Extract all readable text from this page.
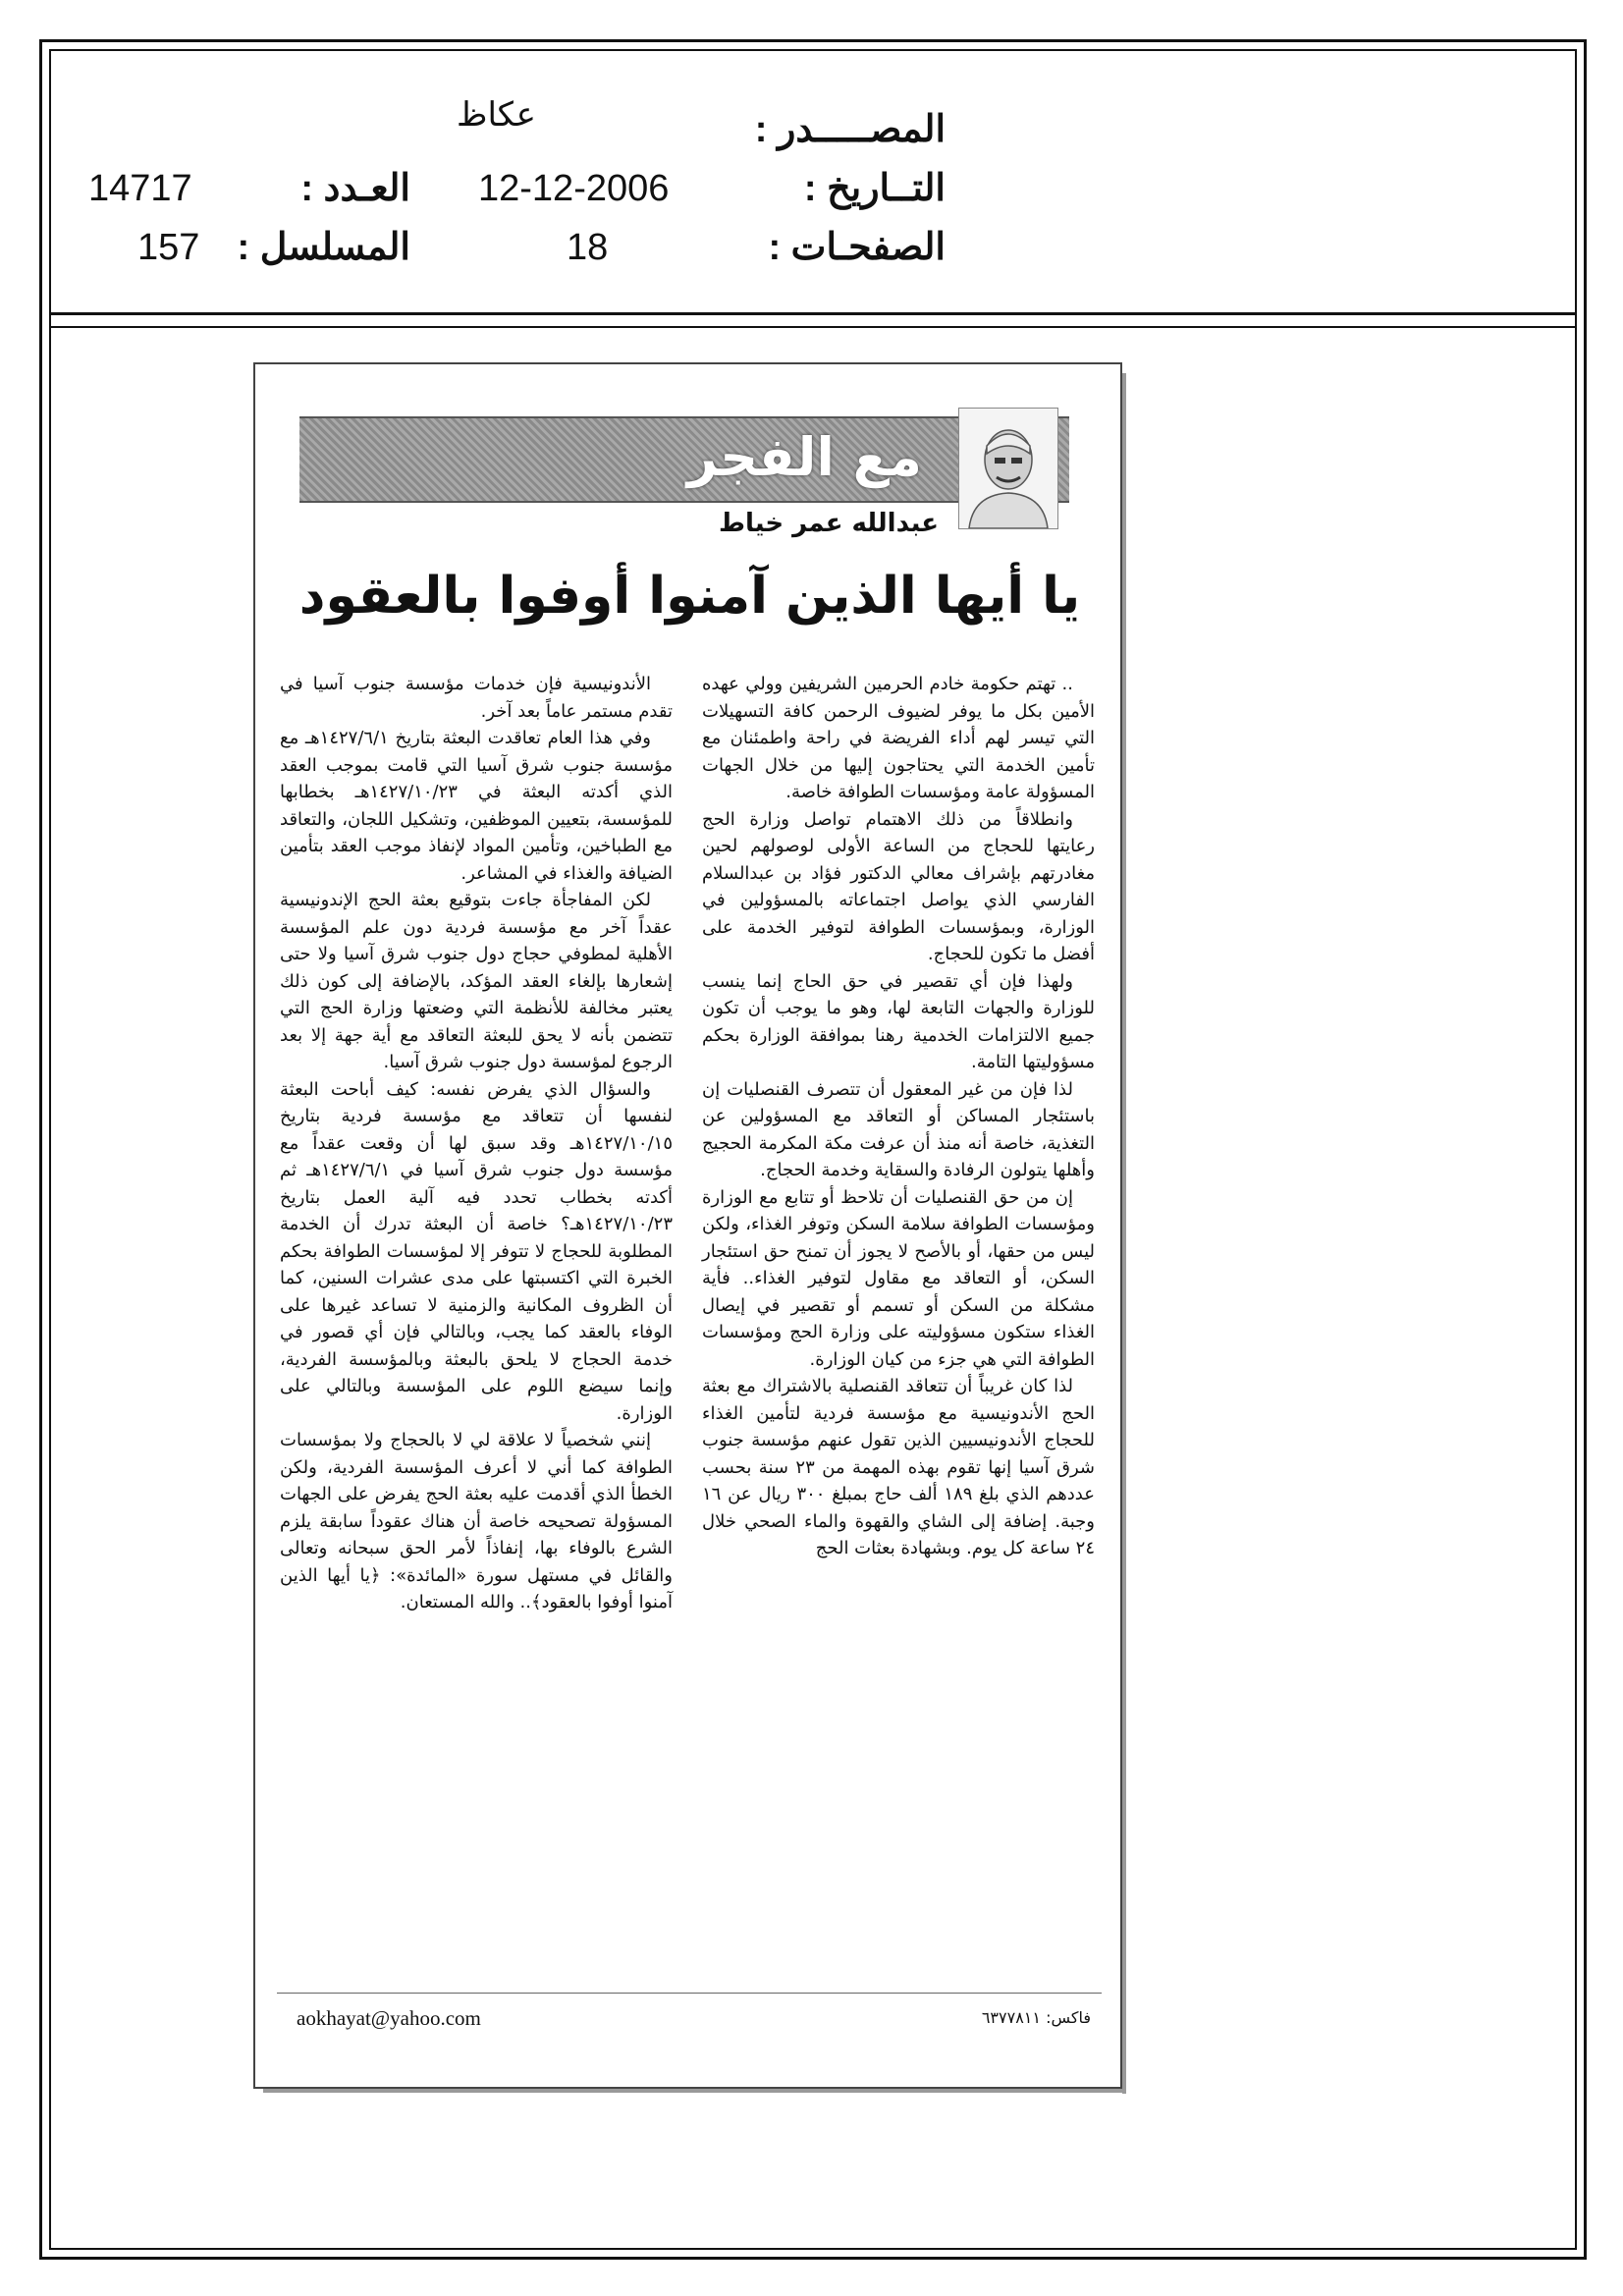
عكاظ	المصـــــدر :
14717	العـدد : 12-12-2006	التــاريخ :
157 المسلسل :	18	الصفحـات :
مع الفجر
عبدالله عمر خياط
يا أيها الذين آمنوا أوفوا بالعقود

.. تهتم حكومة خادم الحرمين الشريفين وولي عهده الأمين بكل ما يوفر لضيوف الرحمن كافة التسهيلات التي تيسر لهم أداء الفريضة في راحة واطمئنان مع تأمين الخدمة التي يحتاجون إليها من خلال الجهات المسؤولة عامة ومؤسسات الطوافة خاصة.

وانطلاقاً من ذلك الاهتمام تواصل وزارة الحج رعايتها للحجاج من الساعة الأولى لوصولهم لحين مغادرتهم بإشراف معالي الدكتور فؤاد بن عبدالسلام الفارسي الذي يواصل اجتماعاته بالمسؤولين في الوزارة، وبمؤسسات الطوافة لتوفير الخدمة على أفضل ما تكون للحجاج.

ولهذا فإن أي تقصير في حق الحاج إنما ينسب للوزارة والجهات التابعة لها، وهو ما يوجب أن تكون جميع الالتزامات الخدمية رهنا بموافقة الوزارة بحكم مسؤوليتها التامة.

لذا فإن من غير المعقول أن تتصرف القنصليات إن باستئجار المساكن أو التعاقد مع المسؤولين عن التغذية، خاصة أنه منذ أن عرفت مكة المكرمة الحجيج وأهلها يتولون الرفادة والسقاية وخدمة الحجاج.

إن من حق القنصليات أن تلاحظ أو تتابع مع الوزارة ومؤسسات الطوافة سلامة السكن وتوفر الغذاء، ولكن ليس من حقها، أو بالأصح لا يجوز أن تمنح حق استئجار السكن، أو التعاقد مع مقاول لتوفير الغذاء.. فأية مشكلة من السكن أو تسمم أو تقصير في إيصال الغذاء ستكون مسؤوليته على وزارة الحج ومؤسسات الطوافة التي هي جزء من كيان الوزارة.

لذا كان غريباً أن تتعاقد القنصلية بالاشتراك مع بعثة الحج الأندونيسية مع مؤسسة فردية لتأمين الغذاء للحجاج الأندونيسيين الذين تقول عنهم مؤسسة جنوب شرق آسيا إنها تقوم بهذه المهمة من ٢٣ سنة بحسب عددهم الذي بلغ ١٨٩ ألف حاج بمبلغ ٣٠٠ ريال عن ١٦ وجبة. إضافة إلى الشاي والقهوة والماء الصحي خلال ٢٤ ساعة كل يوم. وبشهادة بعثات الحج

الأندونيسية فإن خدمات مؤسسة جنوب آسيا في تقدم مستمر عاماً بعد آخر.

وفي هذا العام تعاقدت البعثة بتاريخ ١٤٢٧/٦/١هـ مع مؤسسة جنوب شرق آسيا التي قامت بموجب العقد الذي أكدته البعثة في ١٤٢٧/١٠/٢٣هـ بخطابها للمؤسسة، بتعيين الموظفين، وتشكيل اللجان، والتعاقد مع الطباخين، وتأمين المواد لإنفاذ موجب العقد بتأمين الضيافة والغذاء في المشاعر.

لكن المفاجأة جاءت بتوقيع بعثة الحج الإندونيسية عقداً آخر مع مؤسسة فردية دون علم المؤسسة الأهلية لمطوفي حجاج دول جنوب شرق آسيا ولا حتى إشعارها بإلغاء العقد المؤكد، بالإضافة إلى كون ذلك يعتبر مخالفة للأنظمة التي وضعتها وزارة الحج التي تتضمن بأنه لا يحق للبعثة التعاقد مع أية جهة إلا بعد الرجوع لمؤسسة دول جنوب شرق آسيا.

والسؤال الذي يفرض نفسه: كيف أباحت البعثة لنفسها أن تتعاقد مع مؤسسة فردية بتاريخ ١٤٢٧/١٠/١٥هـ وقد سبق لها أن وقعت عقداً مع مؤسسة دول جنوب شرق آسيا في ١٤٢٧/٦/١هـ ثم أكدته بخطاب تحدد فيه آلية العمل بتاريخ ١٤٢٧/١٠/٢٣هـ؟ خاصة أن البعثة تدرك أن الخدمة المطلوبة للحجاج لا تتوفر إلا لمؤسسات الطوافة بحكم الخبرة التي اكتسبتها على مدى عشرات السنين، كما أن الظروف المكانية والزمنية لا تساعد غيرها على الوفاء بالعقد كما يجب، وبالتالي فإن أي قصور في خدمة الحجاج لا يلحق بالبعثة وبالمؤسسة الفردية، وإنما سيضع اللوم على المؤسسة وبالتالي على الوزارة.

إنني شخصياً لا علاقة لي لا بالحجاج ولا بمؤسسات الطوافة كما أني لا أعرف المؤسسة الفردية، ولكن الخطأ الذي أقدمت عليه بعثة الحج يفرض على الجهات المسؤولة تصحيحه خاصة أن هناك عقوداً سابقة يلزم الشرع بالوفاء بها، إنفاذاً لأمر الحق سبحانه وتعالى والقائل في مستهل سورة «المائدة»: ﴿يا أيها الذين آمنوا أوفوا بالعقود﴾.. والله المستعان.

aokhayat@yahoo.com	فاكس: ٦٣٧٧٨١١
